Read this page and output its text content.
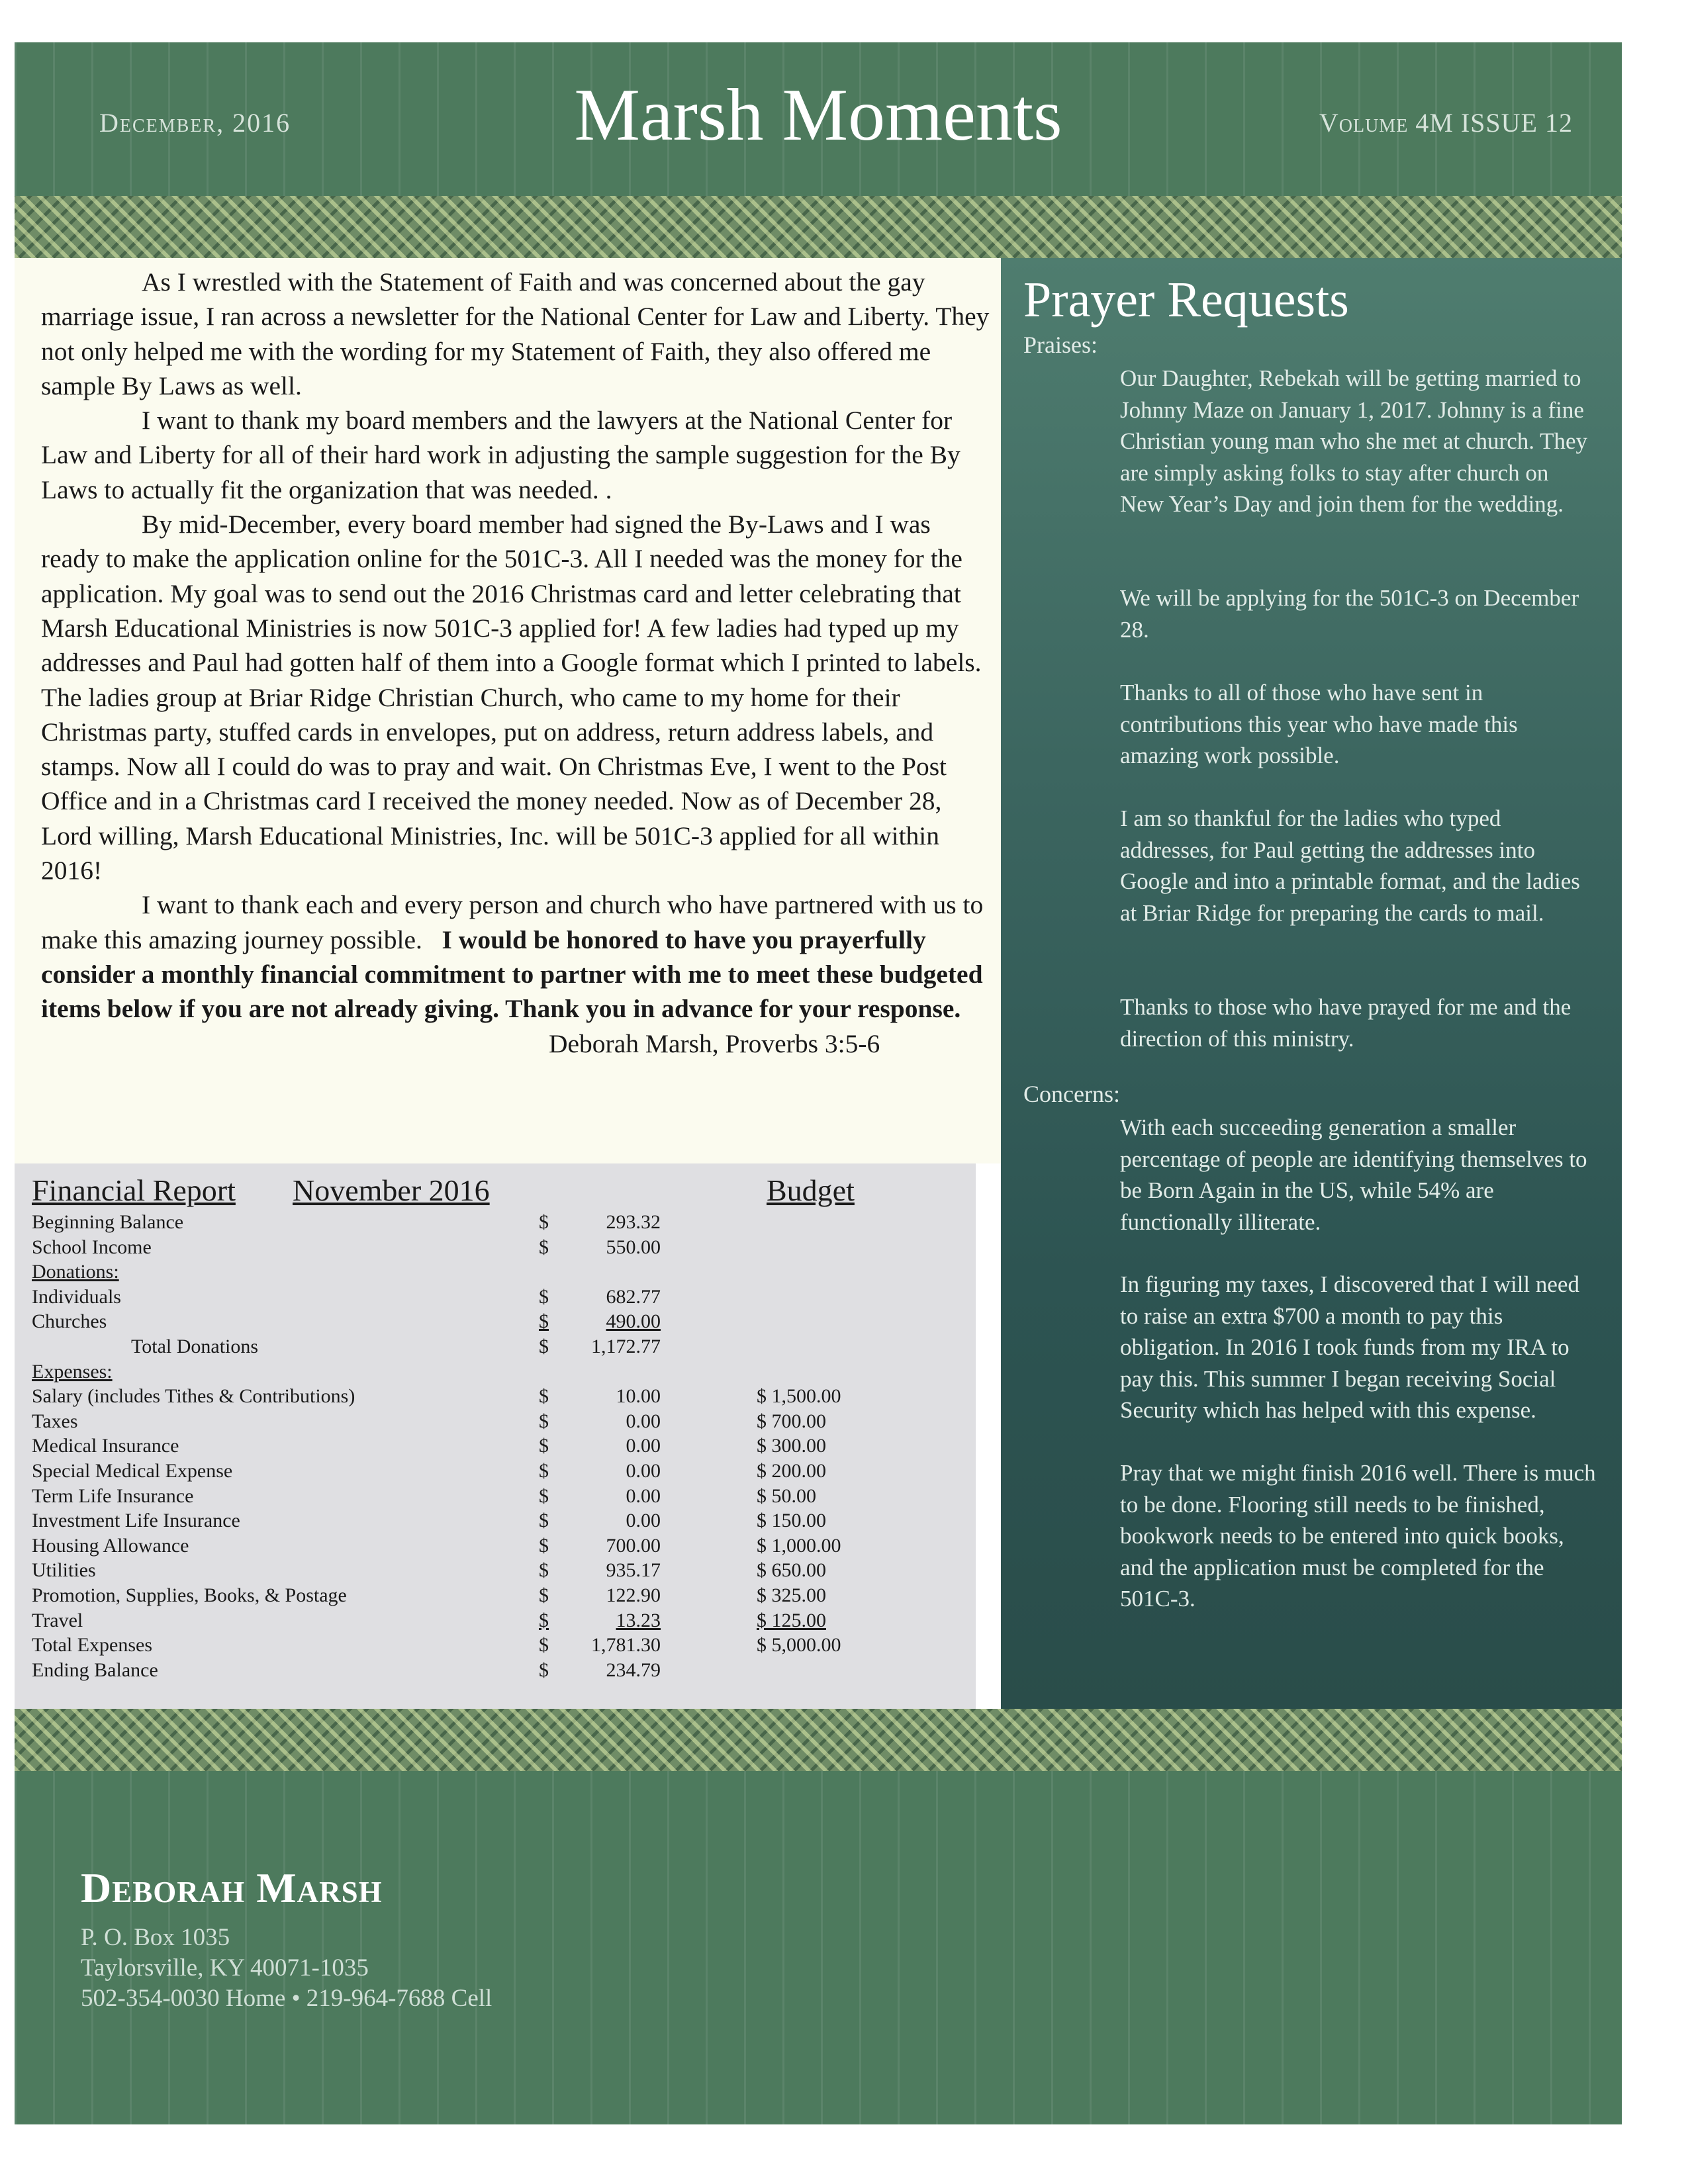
December, 2016	Marsh Moments	Volume 4M ISSUE 12

As I wrestled with the Statement of Faith and was concerned about the gay marriage issue, I ran across a newsletter for the National Center for Law and Liberty. They not only helped me with the wording for my Statement of Faith, they also offered me sample By Laws as well.

I want to thank my board members and the lawyers at the National Center for Law and Liberty for all of their hard work in adjusting the sample suggestion for the By Laws to actually fit the organization that was needed. .

By mid-December, every board member had signed the By-Laws and I was ready to make the application online for the 501C-3. All I needed was the money for the application. My goal was to send out the 2016 Christmas card and letter celebrating that Marsh Educational Ministries is now 501C-3 applied for! A few ladies had typed up my addresses and Paul had gotten half of them into a Google format which I printed to labels. The ladies group at Briar Ridge Christian Church, who came to my home for their Christmas party, stuffed cards in envelopes, put on address, return address labels, and stamps. Now all I could do was to pray and wait. On Christmas Eve, I went to the Post Office and in a Christmas card I received the money needed. Now as of December 28, Lord willing, Marsh Educational Ministries, Inc. will be 501C-3 applied for all within 2016!

I want to thank each and every person and church who have partnered with us to make this amazing journey possible. I would be honored to have you prayerfully consider a monthly financial commitment to partner with me to meet these budgeted items below if you are not already giving. Thank you in advance for your response.

Deborah Marsh, Proverbs 3:5-6

Financial Report November 2016	Budget
Beginning Balance	$	293.32
School Income	$	550.00
Donations:
Individuals	$	682.77
Churches	$	490.00
Total Donations	$	1,172.77
Expenses:
Salary (includes Tithes & Contributions)	$	10.00	$ 1,500.00
Taxes	$	0.00	$ 700.00
Medical Insurance	$	0.00	$ 300.00
Special Medical Expense	$	0.00	$ 200.00
Term Life Insurance	$	0.00	$ 50.00
Investment Life Insurance	$	0.00	$ 150.00
Housing Allowance	$	700.00	$ 1,000.00
Utilities	$	935.17	$ 650.00
Promotion, Supplies, Books, & Postage	$	122.90	$ 325.00
Travel	$	13.23	$ 125.00
Total Expenses	$	1,781.30	$ 5,000.00
Ending Balance	$	234.79
Prayer Requests
Praises:
Our Daughter, Rebekah will be getting married to Johnny Maze on January 1, 2017. Johnny is a fine Christian young man who she met at church. They are simply asking folks to stay after church on New Year’s Day and join them for the wedding.
We will be applying for the 501C-3 on December 28.
Thanks to all of those who have sent in contributions this year who have made this amazing work possible.
I am so thankful for the ladies who typed addresses, for Paul getting the addresses into Google and into a printable format, and the ladies at Briar Ridge for preparing the cards to mail.
Thanks to those who have prayed for me and the direction of this ministry.
Concerns:
With each succeeding generation a smaller percentage of people are identifying themselves to be Born Again in the US, while 54% are functionally illiterate.
In figuring my taxes, I discovered that I will need to raise an extra $700 a month to pay this obligation. In 2016 I took funds from my IRA to pay this. This summer I began receiving Social Security which has helped with this expense.
Pray that we might finish 2016 well. There is much to be done. Flooring still needs to be finished, bookwork needs to be entered into quick books, and the application must be completed for the 501C-3.
Deborah Marsh
P. O. Box 1035
Taylorsville, KY 40071-1035
502-354-0030 Home • 219-964-7688 Cell
